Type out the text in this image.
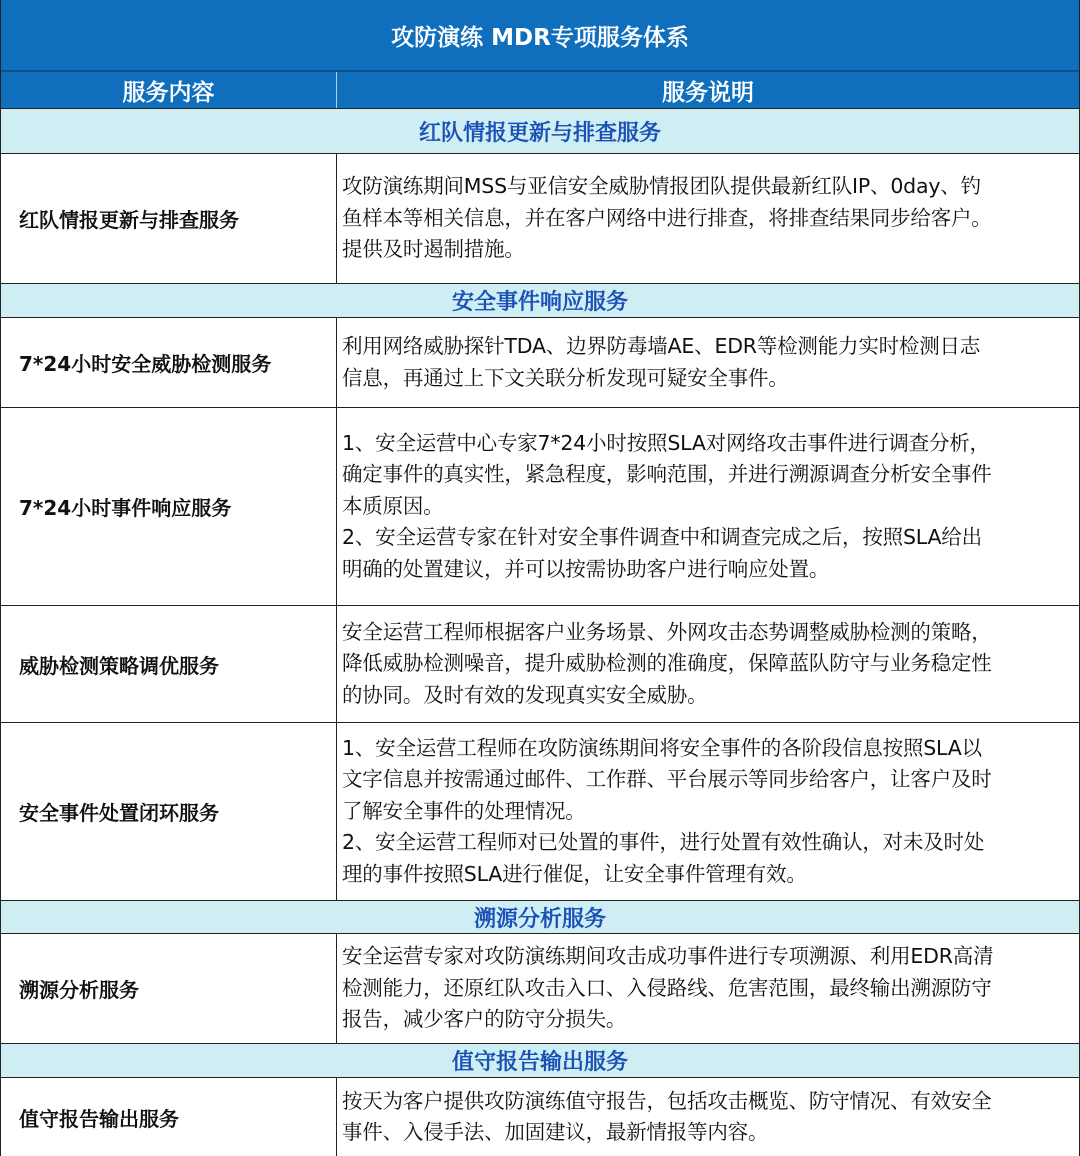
攻防演练 MDR专项服务体系
服务内容	服务说明
红队情报更新与排查服务
红队情报更新与排查服务
攻防演练期间MSS与亚信安全威胁情报团队提供最新红队IP、0day、钓
鱼样本等相关信息，并在客户网络中进行排查，将排查结果同步给客户。
提供及时遏制措施。
安全事件响应服务
7*24小时安全威胁检测服务
利用网络威胁探针TDA、边界防毒墙AE、EDR等检测能力实时检测日志
信息，再通过上下文关联分析发现可疑安全事件。
7*24小时事件响应服务
1、安全运营中心专家7*24小时按照SLA对网络攻击事件进行调查分析，
确定事件的真实性，紧急程度，影响范围，并进行溯源调查分析安全事件
本质原因。
2、安全运营专家在针对安全事件调查中和调查完成之后，按照SLA给出
明确的处置建议，并可以按需协助客户进行响应处置。
威胁检测策略调优服务
安全运营工程师根据客户业务场景、外网攻击态势调整威胁检测的策略，
降低威胁检测噪音，提升威胁检测的准确度，保障蓝队防守与业务稳定性
的协同。及时有效的发现真实安全威胁。
安全事件处置闭环服务
1、安全运营工程师在攻防演练期间将安全事件的各阶段信息按照SLA以
文字信息并按需通过邮件、工作群、平台展示等同步给客户，让客户及时
了解安全事件的处理情况。
2、安全运营工程师对已处置的事件，进行处置有效性确认，对未及时处
理的事件按照SLA进行催促，让安全事件管理有效。
溯源分析服务
溯源分析服务
安全运营专家对攻防演练期间攻击成功事件进行专项溯源、利用EDR高清
检测能力，还原红队攻击入口、入侵路线、危害范围，最终输出溯源防守
报告，减少客户的防守分损失。
值守报告输出服务
值守报告输出服务
按天为客户提供攻防演练值守报告，包括攻击概览、防守情况、有效安全
事件、入侵手法、加固建议，最新情报等内容。
